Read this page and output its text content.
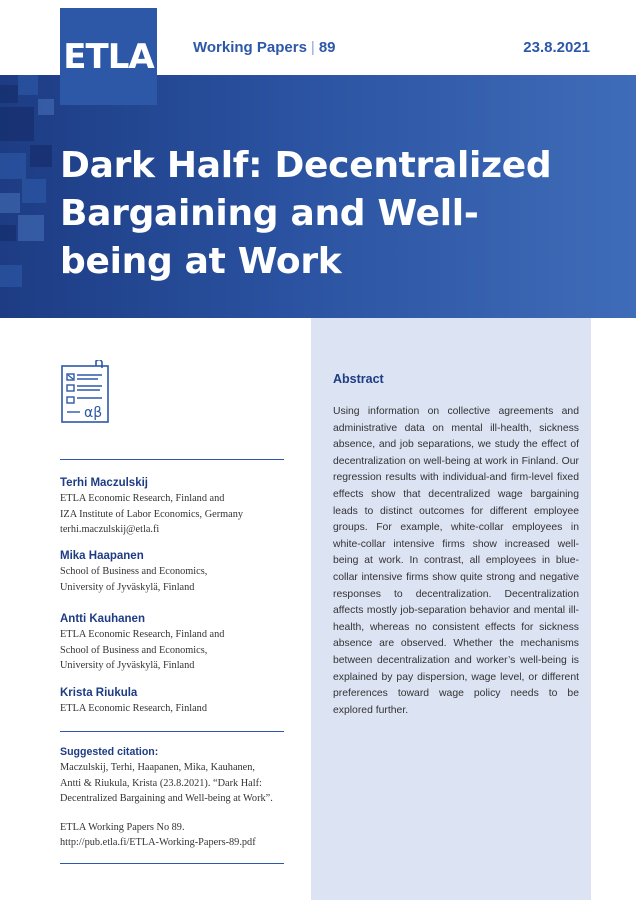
ETLA	Working Papers | 89	23.8.2021
Dark Half: Decentralized Bargaining and Well-being at Work
αβ
Terhi Maczulskij
ETLA Economic Research, Finland and
IZA Institute of Labor Economics, Germany
terhi.maczulskij@etla.fi
Mika Haapanen
School of Business and Economics,
University of Jyväskylä, Finland
Antti Kauhanen
ETLA Economic Research, Finland and
School of Business and Economics,
University of Jyväskylä, Finland
Krista Riukula
ETLA Economic Research, Finland
Suggested citation:
Maczulskij, Terhi, Haapanen, Mika, Kauhanen,
Antti & Riukula, Krista (23.8.2021). “Dark Half:
Decentralized Bargaining and Well-being at Work”.
ETLA Working Papers No 89.
http://pub.etla.fi/ETLA-Working-Papers-89.pdf
Abstract
Using information on collective agreements and administrative data on mental ill-health, sickness absence, and job separations, we study the effect of decentralization on well-being at work in Finland. Our regression results with individual-and firm-level fixed effects show that decentralized wage bargaining leads to distinct outcomes for different employee groups. For example, white-collar employees in white-collar intensive firms show increased well-being at work. In contrast, all employees in blue-collar intensive firms show quite strong and negative responses to decentralization. Decentralization affects mostly job-separation behavior and mental ill-health, whereas no consistent effects for sickness absence are observed. Whether the mechanisms between decentralization and worker’s well-being is explained by pay dispersion, wage level, or different preferences toward wage policy needs to be explored further.
